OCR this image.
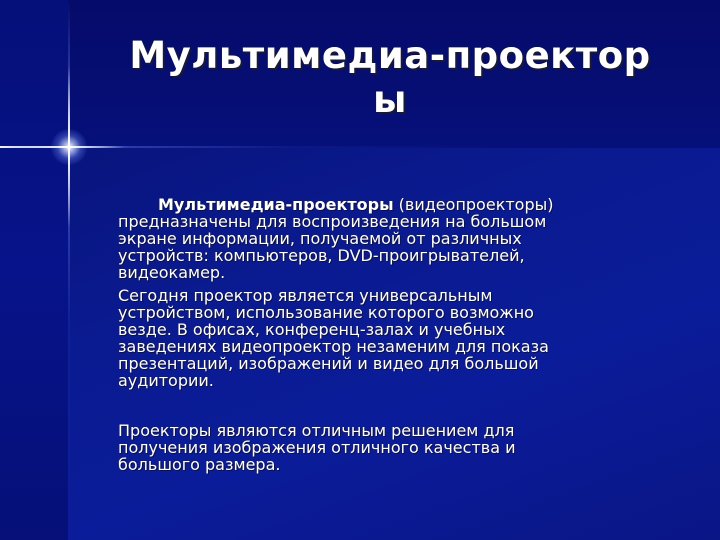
Мультимедиа-проектор
ы
Мультимедиа-проекторы (видеопроекторы)
предназначены для воспроизведения на большом
экране информации, получаемой от различных
устройств: компьютеров, DVD-проигрывателей,
видеокамер.
Сегодня проектор является универсальным
устройством, использование которого возможно
везде. В офисах, конференц-залах и учебных
заведениях видеопроектор незаменим для показа
презентаций, изображений и видео для большой
аудитории.
Проекторы являются отличным решением для
получения изображения отличного качества и
большого размера.
